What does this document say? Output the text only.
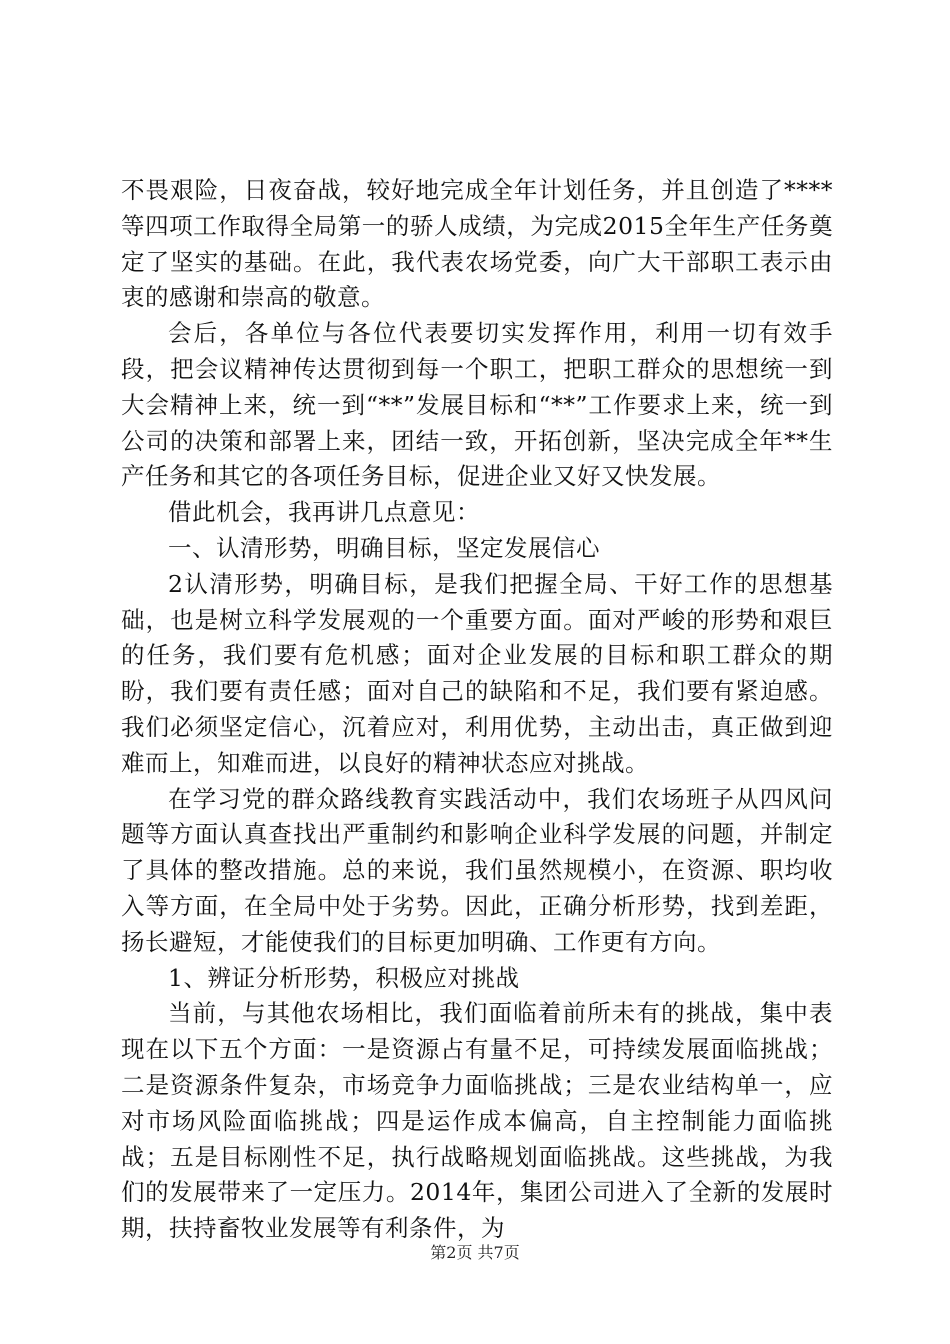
不畏艰险，日夜奋战，较好地完成全年计划任务，并且创造了****等四项工作取得全局第一的骄人成绩，为完成2015全年生产任务奠定了坚实的基础。在此，我代表农场党委，向广大干部职工表示由衷的感谢和崇高的敬意。

会后，各单位与各位代表要切实发挥作用，利用一切有效手段，把会议精神传达贯彻到每一个职工，把职工群众的思想统一到大会精神上来，统一到“**”发展目标和“**”工作要求上来，统一到公司的决策和部署上来，团结一致，开拓创新，坚决完成全年**生产任务和其它的各项任务目标，促进企业又好又快发展。

借此机会，我再讲几点意见：

一、认清形势，明确目标，坚定发展信心

2认清形势，明确目标，是我们把握全局、干好工作的思想基础，也是树立科学发展观的一个重要方面。面对严峻的形势和艰巨的任务，我们要有危机感；面对企业发展的目标和职工群众的期盼，我们要有责任感；面对自己的缺陷和不足，我们要有紧迫感。我们必须坚定信心，沉着应对，利用优势，主动出击，真正做到迎难而上，知难而进，以良好的精神状态应对挑战。

在学习党的群众路线教育实践活动中，我们农场班子从四风问题等方面认真查找出严重制约和影响企业科学发展的问题，并制定了具体的整改措施。总的来说，我们虽然规模小，在资源、职均收入等方面，在全局中处于劣势。因此，正确分析形势，找到差距，扬长避短，才能使我们的目标更加明确、工作更有方向。

1、辨证分析形势，积极应对挑战

当前，与其他农场相比，我们面临着前所未有的挑战，集中表现在以下五个方面：一是资源占有量不足，可持续发展面临挑战；二是资源条件复杂，市场竞争力面临挑战；三是农业结构单一，应对市场风险面临挑战；四是运作成本偏高，自主控制能力面临挑战；五是目标刚性不足，执行战略规划面临挑战。这些挑战，为我们的发展带来了一定压力。2014年，集团公司进入了全新的发展时期，扶持畜牧业发展等有利条件，为

第2页 共7页
